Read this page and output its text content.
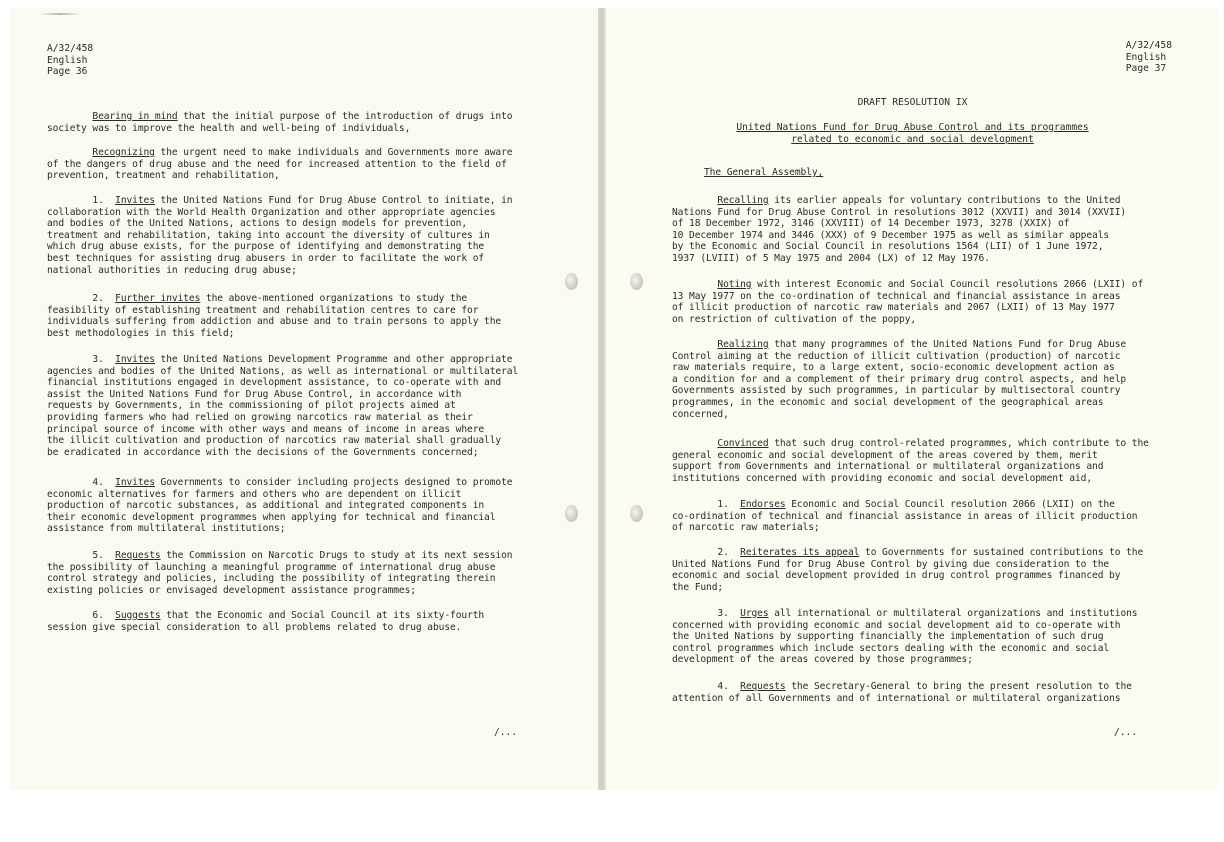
A/32/458
English
Page 36
Bearing in mind that the initial purpose of the introduction of drugs into
society was to improve the health and well-being of individuals,
Recognizing the urgent need to make individuals and Governments more aware
of the dangers of drug abuse and the need for increased attention to the field of
prevention, treatment and rehabilitation,
1. Invites the United Nations Fund for Drug Abuse Control to initiate, in
collaboration with the World Health Organization and other appropriate agencies
and bodies of the United Nations, actions to design models for prevention,
treatment and rehabilitation, taking into account the diversity of cultures in
which drug abuse exists, for the purpose of identifying and demonstrating the
best techniques for assisting drug abusers in order to facilitate the work of
national authorities in reducing drug abuse;
2. Further invites the above-mentioned organizations to study the
feasibility of establishing treatment and rehabilitation centres to care for
individuals suffering from addiction and abuse and to train persons to apply the
best methodologies in this field;
3. Invites the United Nations Development Programme and other appropriate
agencies and bodies of the United Nations, as well as international or multilateral
financial institutions engaged in development assistance, to co-operate with and
assist the United Nations Fund for Drug Abuse Control, in accordance with
requests by Governments, in the commissioning of pilot projects aimed at
providing farmers who had relied on growing narcotics raw material as their
principal source of income with other ways and means of income in areas where
the illicit cultivation and production of narcotics raw material shall gradually
be eradicated in accordance with the decisions of the Governments concerned;
4. Invites Governments to consider including projects designed to promote
economic alternatives for farmers and others who are dependent on illicit
production of narcotic substances, as additional and integrated components in
their economic development programmes when applying for technical and financial
assistance from multilateral institutions;
5. Requests the Commission on Narcotic Drugs to study at its next session
the possibility of launching a meaningful programme of international drug abuse
control strategy and policies, including the possibility of integrating therein
existing policies or envisaged development assistance programmes;
6. Suggests that the Economic and Social Council at its sixty-fourth
session give special consideration to all problems related to drug abuse.
/...
A/32/458
English
Page 37
DRAFT RESOLUTION IX
United Nations Fund for Drug Abuse Control and its programmes
related to economic and social development
The General Assembly,
Recalling its earlier appeals for voluntary contributions to the United
Nations Fund for Drug Abuse Control in resolutions 3012 (XXVII) and 3014 (XXVII)
of 18 December 1972, 3146 (XXVIII) of 14 December 1973, 3278 (XXIX) of
10 December 1974 and 3446 (XXX) of 9 December 1975 as well as similar appeals
by the Economic and Social Council in resolutions 1564 (LII) of 1 June 1972,
1937 (LVIII) of 5 May 1975 and 2004 (LX) of 12 May 1976.
Noting with interest Economic and Social Council resolutions 2066 (LXII) of
13 May 1977 on the co-ordination of technical and financial assistance in areas
of illicit production of narcotic raw materials and 2067 (LXII) of 13 May 1977
on restriction of cultivation of the poppy,
Realizing that many programmes of the United Nations Fund for Drug Abuse
Control aiming at the reduction of illicit cultivation (production) of narcotic
raw materials require, to a large extent, socio-economic development action as
a condition for and a complement of their primary drug control aspects, and help
Governments assisted by such programmes, in particular by multisectoral country
programmes, in the economic and social development of the geographical areas
concerned,
Convinced that such drug control-related programmes, which contribute to the
general economic and social development of the areas covered by them, merit
support from Governments and international or multilateral organizations and
institutions concerned with providing economic and social development aid,
1. Endorses Economic and Social Council resolution 2066 (LXII) on the
co-ordination of technical and financial assistance in areas of illicit production
of narcotic raw materials;
2. Reiterates its appeal to Governments for sustained contributions to the
United Nations Fund for Drug Abuse Control by giving due consideration to the
economic and social development provided in drug control programmes financed by
the Fund;
3. Urges all international or multilateral organizations and institutions
concerned with providing economic and social development aid to co-operate with
the United Nations by supporting financially the implementation of such drug
control programmes which include sectors dealing with the economic and social
development of the areas covered by those programmes;
4. Requests the Secretary-General to bring the present resolution to the
attention of all Governments and of international or multilateral organizations
/...
